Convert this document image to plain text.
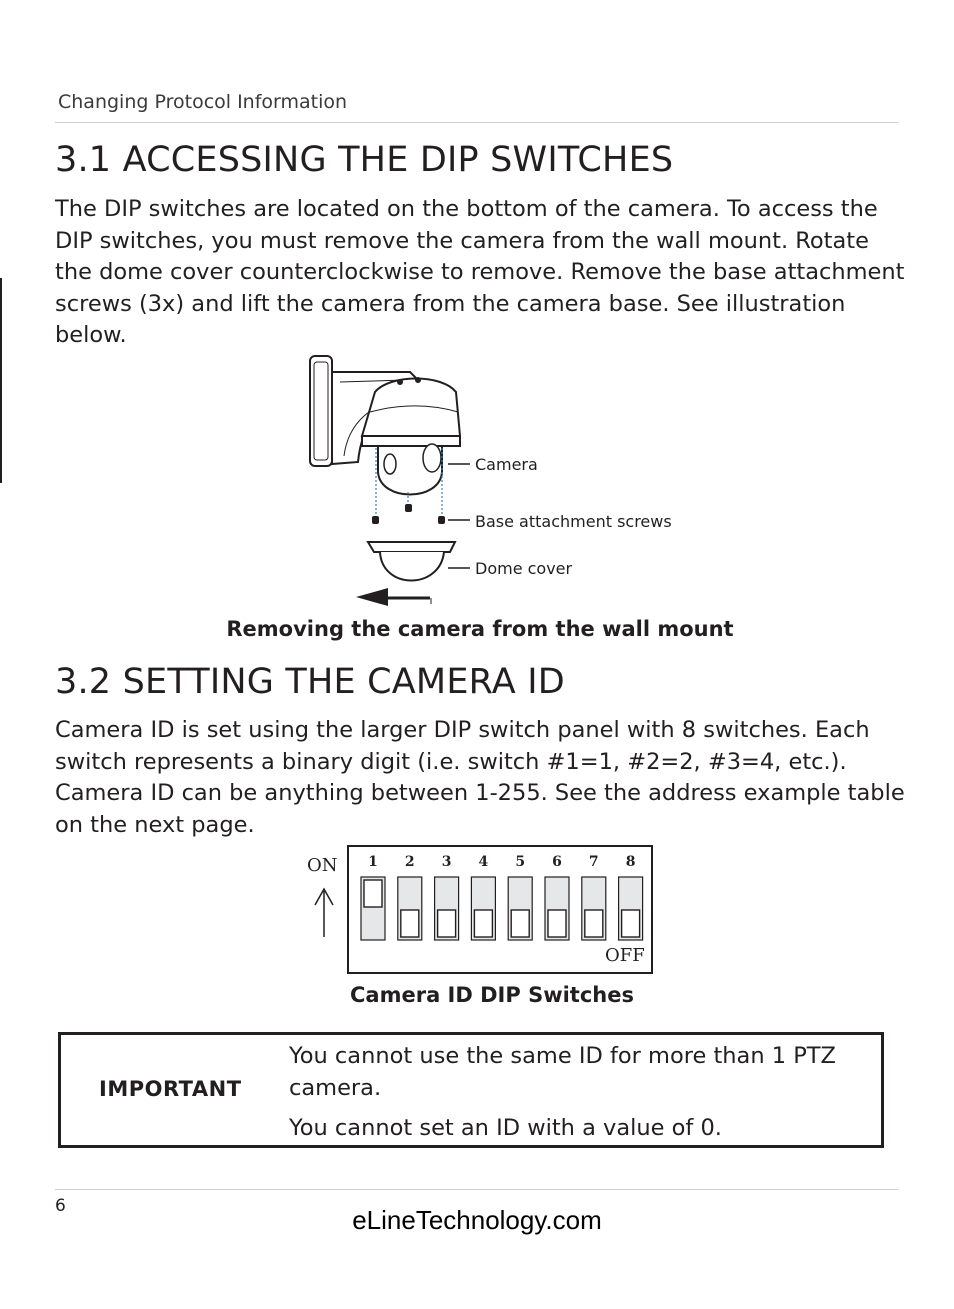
Changing Protocol Information
3.1 ACCESSING THE DIP SWITCHES

The DIP switches are located on the bottom of the camera. To access the DIP switches, you must remove the camera from the wall mount. Rotate the dome cover counterclockwise to remove. Remove the base attachment screws (3x) and lift the camera from the camera base. See illustration below.

Camera
Base attachment screws
Dome cover
Removing the camera from the wall mount
3.2 SETTING THE CAMERA ID

Camera ID is set using the larger DIP switch panel with 8 switches. Each switch represents a binary digit (i.e. switch #1=1, #2=2, #3=4, etc.). Camera ID can be anything between 1-255. See the address example table on the next page.

ON 1 2 3 4 5 6 7 8
OFF
Camera ID DIP Switches
IMPORTANT

You cannot use the same ID for more than 1 PTZ camera.

You cannot set an ID with a value of 0.

6	eLineTechnology.com
